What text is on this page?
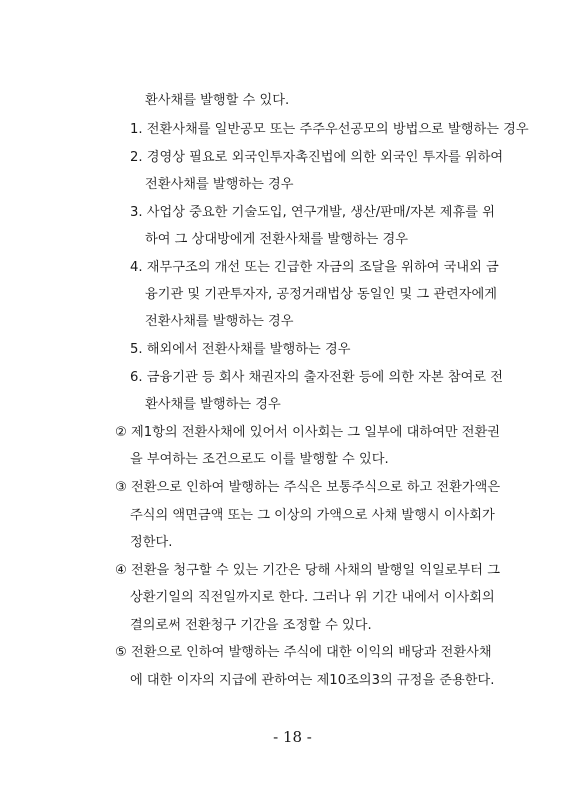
환사채를 발행할 수 있다.
1. 전환사채를 일반공모 또는 주주우선공모의 방법으로 발행하는 경우
2. 경영상 필요로 외국인투자촉진법에 의한 외국인 투자를 위하여
전환사채를 발행하는 경우
3. 사업상 중요한 기술도입, 연구개발, 생산/판매/자본 제휴를 위
하여 그 상대방에게 전환사채를 발행하는 경우
4. 재무구조의 개선 또는 긴급한 자금의 조달을 위하여 국내외 금
융기관 및 기관투자자, 공정거래법상 동일인 및 그 관련자에게
전환사채를 발행하는 경우
5. 해외에서 전환사채를 발행하는 경우
6. 금융기관 등 회사 채권자의 출자전환 등에 의한 자본 참여로 전
환사채를 발행하는 경우
② 제1항의 전환사채에 있어서 이사회는 그 일부에 대하여만 전환권
을 부여하는 조건으로도 이를 발행할 수 있다.
③ 전환으로 인하여 발행하는 주식은 보통주식으로 하고 전환가액은
주식의 액면금액 또는 그 이상의 가액으로 사채 발행시 이사회가
정한다.
④ 전환을 청구할 수 있는 기간은 당해 사채의 발행일 익일로부터 그
상환기일의 직전일까지로 한다. 그러나 위 기간 내에서 이사회의
결의로써 전환청구 기간을 조정할 수 있다.
⑤ 전환으로 인하여 발행하는 주식에 대한 이익의 배당과 전환사채
에 대한 이자의 지급에 관하여는 제10조의3의 규정을 준용한다.
- 18 -
